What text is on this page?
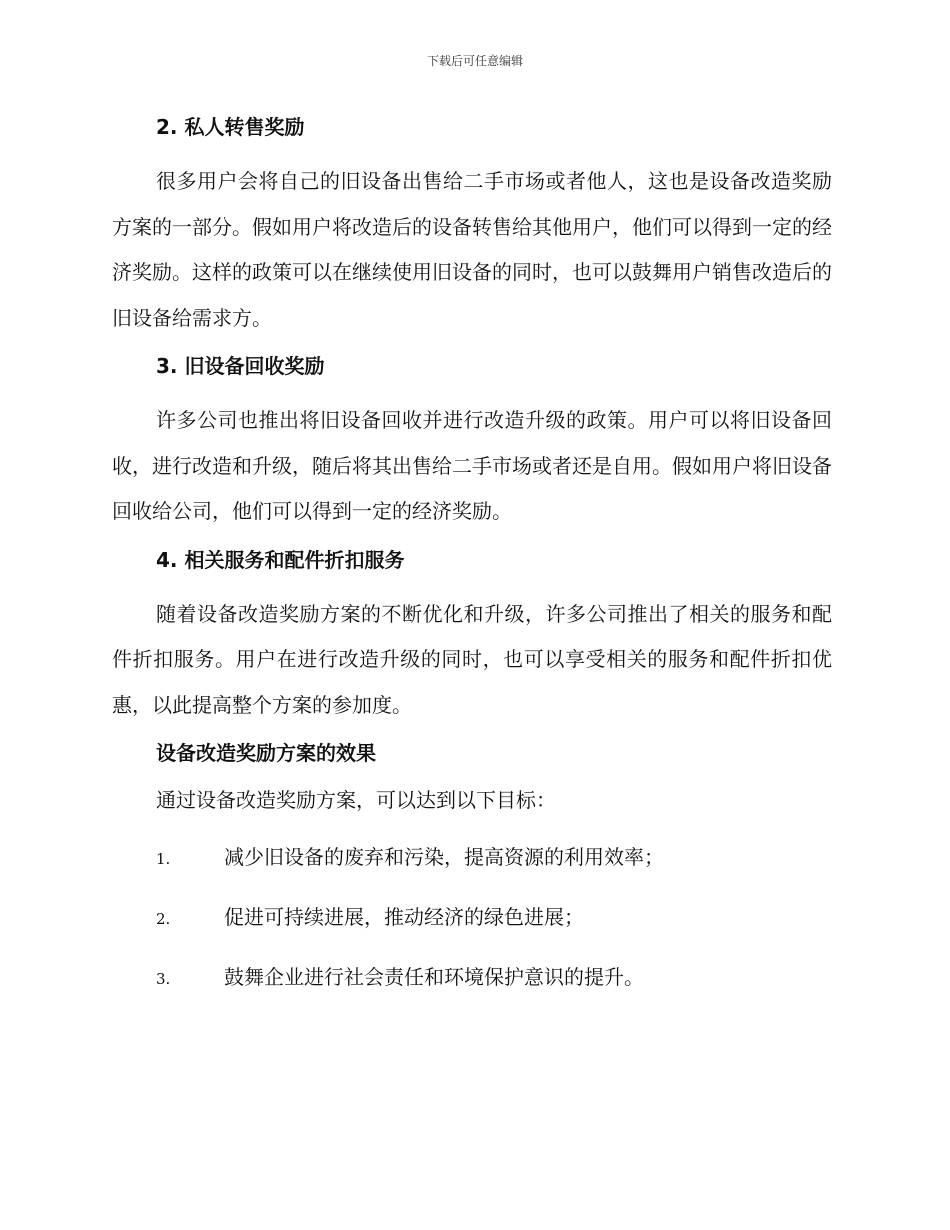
下载后可任意编辑
2. 私人转售奖励

很多用户会将自己的旧设备出售给二手市场或者他人，这也是设备改造奖励方案的一部分。假如用户将改造后的设备转售给其他用户，他们可以得到一定的经济奖励。这样的政策可以在继续使用旧设备的同时，也可以鼓舞用户销售改造后的旧设备给需求方。

3. 旧设备回收奖励

许多公司也推出将旧设备回收并进行改造升级的政策。用户可以将旧设备回收，进行改造和升级，随后将其出售给二手市场或者还是自用。假如用户将旧设备回收给公司，他们可以得到一定的经济奖励。

4. 相关服务和配件折扣服务

随着设备改造奖励方案的不断优化和升级，许多公司推出了相关的服务和配件折扣服务。用户在进行改造升级的同时，也可以享受相关的服务和配件折扣优惠，以此提高整个方案的参加度。

设备改造奖励方案的效果
通过设备改造奖励方案，可以达到以下目标：
1.	减少旧设备的废弃和污染，提高资源的利用效率；
2.	促进可持续进展，推动经济的绿色进展；
3.	鼓舞企业进行社会责任和环境保护意识的提升。
